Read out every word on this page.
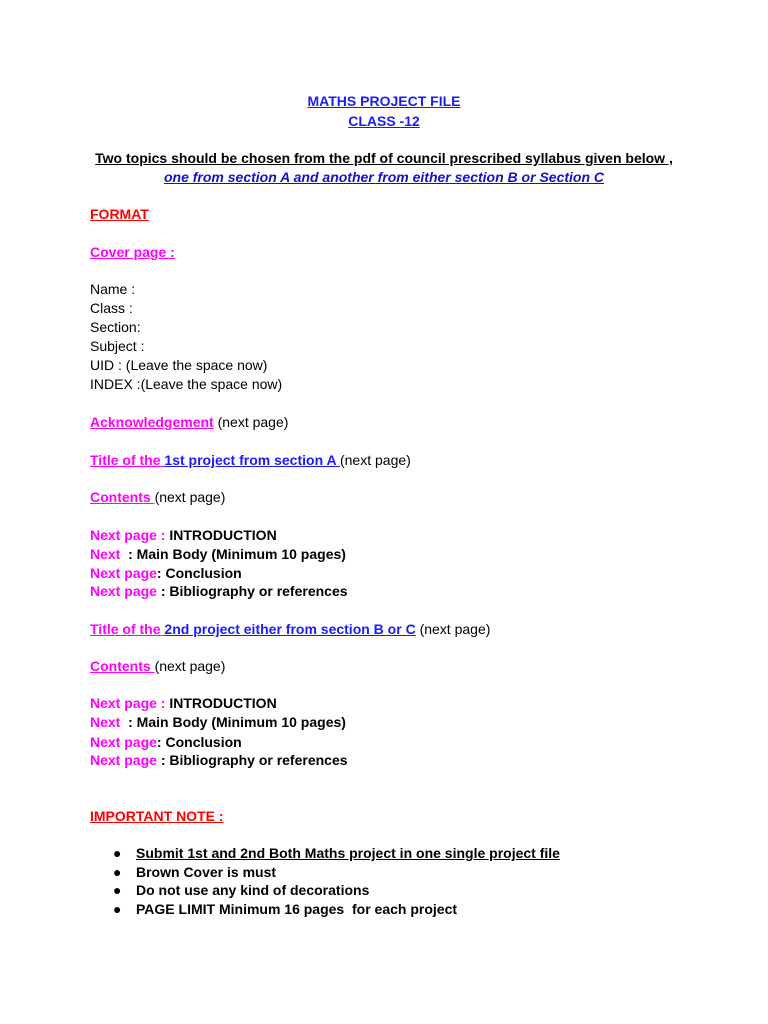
MATHS PROJECT FILE
CLASS -12
Two topics should be chosen from the pdf of council prescribed syllabus given below ,
one from section A and another from either section B or Section C
FORMAT
Cover page :
Name :
Class :
Section:
Subject :
UID : (Leave the space now)
INDEX :(Leave the space now)
Acknowledgement (next page)
Title of the 1st project from section A (next page)
Contents (next page)
Next page : INTRODUCTION
Next  : Main Body (Minimum 10 pages)
Next page: Conclusion
Next page : Bibliography or references
Title of the 2nd project either from section B or C (next page)
Contents (next page)
Next page : INTRODUCTION
Next  : Main Body (Minimum 10 pages)
Next page: Conclusion
Next page : Bibliography or references
IMPORTANT NOTE :
● Submit 1st and 2nd Both Maths project in one single project file
● Brown Cover is must
● Do not use any kind of decorations
● PAGE LIMIT Minimum 16 pages  for each project
